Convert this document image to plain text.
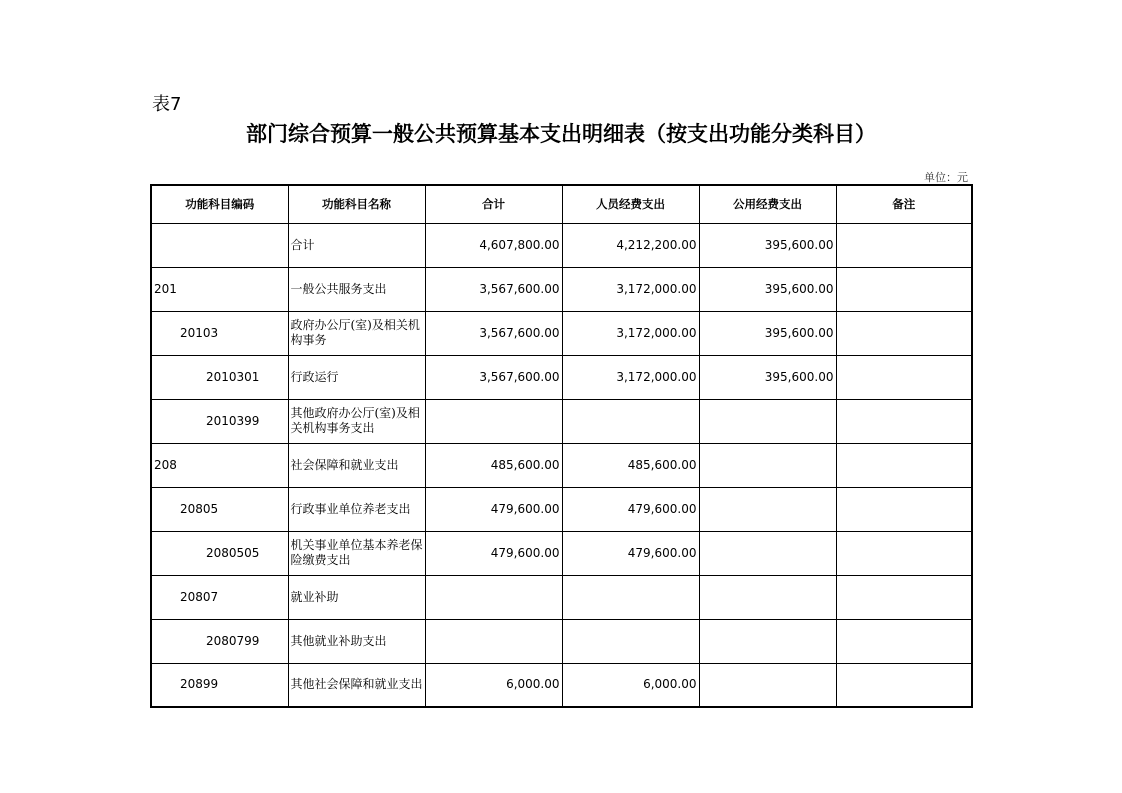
表7
部门综合预算一般公共预算基本支出明细表（按支出功能分类科目）
单位：元
功能科目编码	功能科目名称	合计	人员经费支出	公用经费支出	备注
	合计	4,607,800.00	4,212,200.00	395,600.00	
201	一般公共服务支出	3,567,600.00	3,172,000.00	395,600.00	
20103	政府办公厅(室)及相关机构事务	3,567,600.00	3,172,000.00	395,600.00	
2010301	行政运行	3,567,600.00	3,172,000.00	395,600.00	
2010399	其他政府办公厅(室)及相关机构事务支出				
208	社会保障和就业支出	485,600.00	485,600.00		
20805	行政事业单位养老支出	479,600.00	479,600.00		
2080505	机关事业单位基本养老保险缴费支出	479,600.00	479,600.00		
20807	就业补助				
2080799	其他就业补助支出				
20899	其他社会保障和就业支出	6,000.00	6,000.00		
